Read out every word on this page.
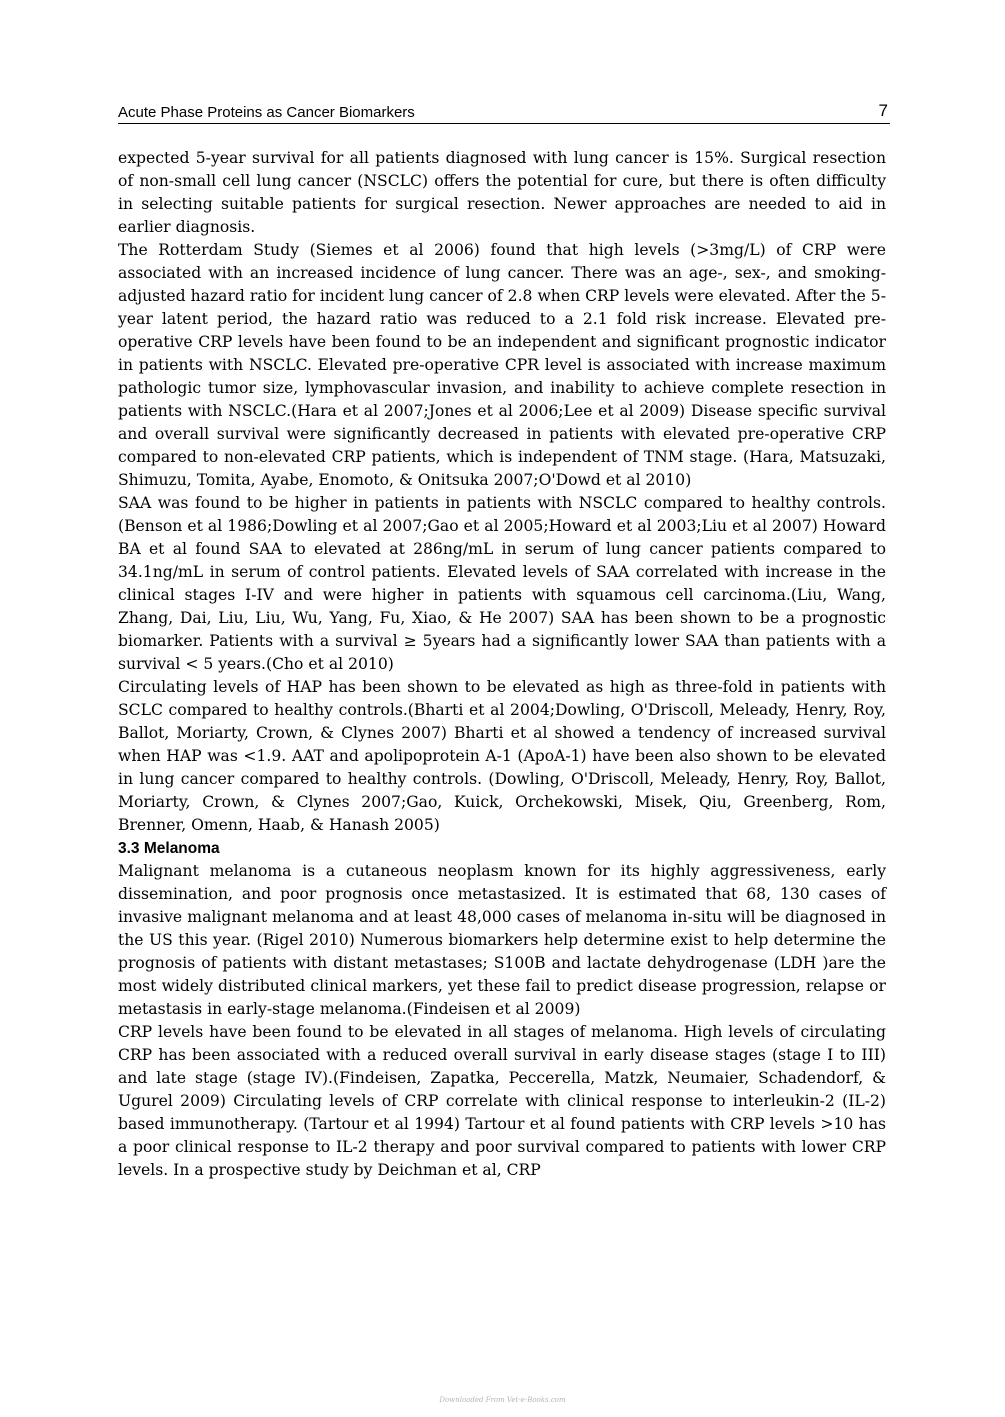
Acute Phase Proteins as Cancer Biomarkers	7

expected 5-year survival for all patients diagnosed with lung cancer is 15%. Surgical resection of non-small cell lung cancer (NSCLC) offers the potential for cure, but there is often difficulty in selecting suitable patients for surgical resection. Newer approaches are needed to aid in earlier diagnosis.

The Rotterdam Study (Siemes et al 2006) found that high levels (>3mg/L) of CRP were associated with an increased incidence of lung cancer. There was an age-, sex-, and smoking-adjusted hazard ratio for incident lung cancer of 2.8 when CRP levels were elevated. After the 5-year latent period, the hazard ratio was reduced to a 2.1 fold risk increase. Elevated pre-operative CRP levels have been found to be an independent and significant prognostic indicator in patients with NSCLC. Elevated pre-operative CPR level is associated with increase maximum pathologic tumor size, lymphovascular invasion, and inability to achieve complete resection in patients with NSCLC.(Hara et al 2007;Jones et al 2006;Lee et al 2009) Disease specific survival and overall survival were significantly decreased in patients with elevated pre-operative CRP compared to non-elevated CRP patients, which is independent of TNM stage. (Hara, Matsuzaki, Shimuzu, Tomita, Ayabe, Enomoto, & Onitsuka 2007;O'Dowd et al 2010)

SAA was found to be higher in patients in patients with NSCLC compared to healthy controls.(Benson et al 1986;Dowling et al 2007;Gao et al 2005;Howard et al 2003;Liu et al 2007) Howard BA et al found SAA to elevated at 286ng/mL in serum of lung cancer patients compared to 34.1ng/mL in serum of control patients. Elevated levels of SAA correlated with increase in the clinical stages I-IV and were higher in patients with squamous cell carcinoma.(Liu, Wang, Zhang, Dai, Liu, Liu, Wu, Yang, Fu, Xiao, & He 2007) SAA has been shown to be a prognostic biomarker. Patients with a survival ≥ 5years had a significantly lower SAA than patients with a survival < 5 years.(Cho et al 2010)

Circulating levels of HAP has been shown to be elevated as high as three-fold in patients with SCLC compared to healthy controls.(Bharti et al 2004;Dowling, O'Driscoll, Meleady, Henry, Roy, Ballot, Moriarty, Crown, & Clynes 2007) Bharti et al showed a tendency of increased survival when HAP was <1.9. AAT and apolipoprotein A-1 (ApoA-1) have been also shown to be elevated in lung cancer compared to healthy controls. (Dowling, O'Driscoll, Meleady, Henry, Roy, Ballot, Moriarty, Crown, & Clynes 2007;Gao, Kuick, Orchekowski, Misek, Qiu, Greenberg, Rom, Brenner, Omenn, Haab, & Hanash 2005)

3.3 Melanoma

Malignant melanoma is a cutaneous neoplasm known for its highly aggressiveness, early dissemination, and poor prognosis once metastasized. It is estimated that 68, 130 cases of invasive malignant melanoma and at least 48,000 cases of melanoma in-situ will be diagnosed in the US this year. (Rigel 2010) Numerous biomarkers help determine exist to help determine the prognosis of patients with distant metastases; S100B and lactate dehydrogenase (LDH )are the most widely distributed clinical markers, yet these fail to predict disease progression, relapse or metastasis in early-stage melanoma.(Findeisen et al 2009)

CRP levels have been found to be elevated in all stages of melanoma. High levels of circulating CRP has been associated with a reduced overall survival in early disease stages (stage I to III) and late stage (stage IV).(Findeisen, Zapatka, Peccerella, Matzk, Neumaier, Schadendorf, & Ugurel 2009) Circulating levels of CRP correlate with clinical response to interleukin-2 (IL-2) based immunotherapy. (Tartour et al 1994) Tartour et al found patients with CRP levels >10 has a poor clinical response to IL-2 therapy and poor survival compared to patients with lower CRP levels. In a prospective study by Deichman et al, CRP

Downloaded From Vet-e-Books.com
